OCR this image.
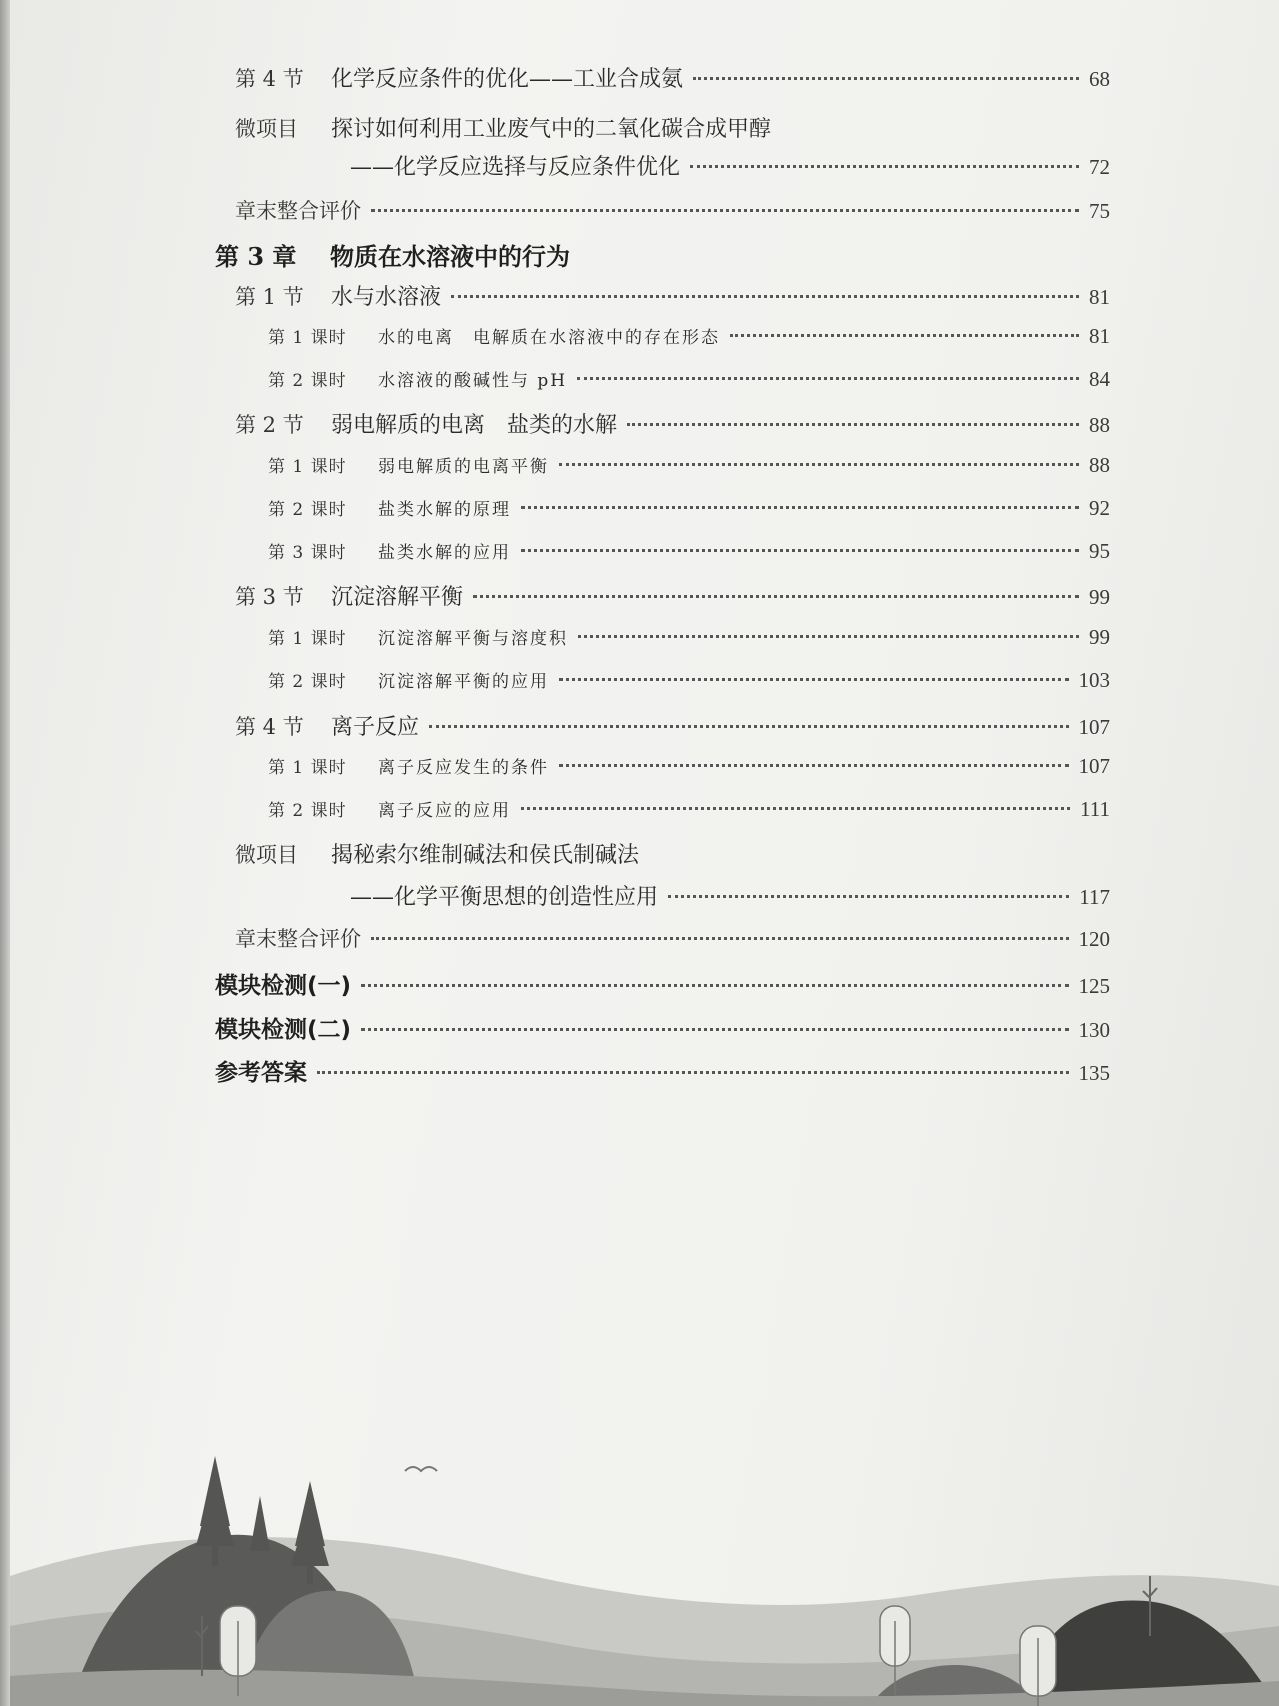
第 4 节	化学反应条件的优化——工业合成氨	68
微项目	探讨如何利用工业废气中的二氧化碳合成甲醇
——化学反应选择与反应条件优化	72
章末整合评价	75
第 3 章 物质在水溶液中的行为
第 1 节	水与水溶液	81
第 1 课时	水的电离　电解质在水溶液中的存在形态	81
第 2 课时	水溶液的酸碱性与 pH	84
第 2 节	弱电解质的电离　盐类的水解	88
第 1 课时	弱电解质的电离平衡	88
第 2 课时	盐类水解的原理	92
第 3 课时	盐类水解的应用	95
第 3 节	沉淀溶解平衡	99
第 1 课时	沉淀溶解平衡与溶度积	99
第 2 课时	沉淀溶解平衡的应用	103
第 4 节	离子反应	107
第 1 课时	离子反应发生的条件	107
第 2 课时	离子反应的应用	111
微项目	揭秘索尔维制碱法和侯氏制碱法
——化学平衡思想的创造性应用	117
章末整合评价	120
模块检测(一)	125
模块检测(二)	130
参考答案	135
